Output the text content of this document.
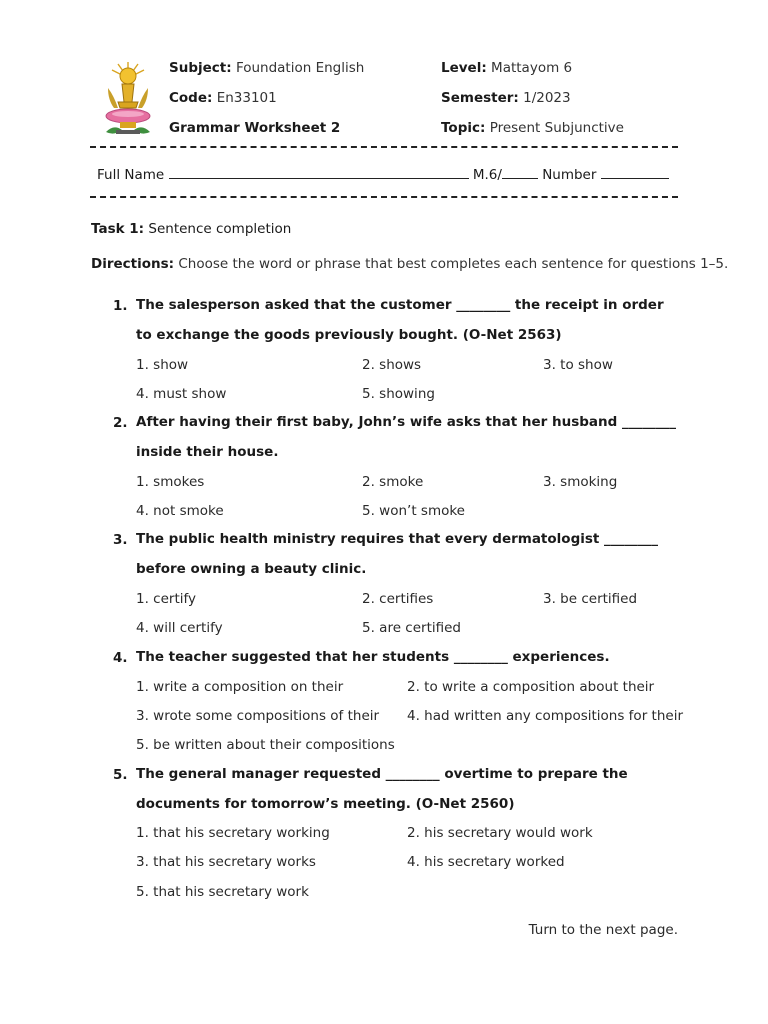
Subject: Foundation English	Level: Mattayom 6
Code: En33101	Semester: 1/2023
Grammar Worksheet 2	Topic: Present Subjunctive
Full Name	M.6/	Number
Task 1: Sentence completion
Directions: Choose the word or phrase that best completes each sentence for questions 1–5.
1. The salesperson asked that the customer ________ the receipt in order to exchange the goods previously bought. (O-Net 2563)
1. show	2. shows	3. to show
4. must show	5. showing
2. After having their first baby, John’s wife asks that her husband ________ inside their house.
1. smokes	2. smoke	3. smoking
4. not smoke	5. won’t smoke
3. The public health ministry requires that every dermatologist ________ before owning a beauty clinic.
1. certify	2. certifies	3. be certified
4. will certify	5. are certified
4. The teacher suggested that her students ________ experiences.
1. write a composition on their	2. to write a composition about their
3. wrote some compositions of their 4. had written any compositions for their
5. be written about their compositions
5. The general manager requested ________ overtime to prepare the documents for tomorrow’s meeting. (O-Net 2560)
1. that his secretary working	2. his secretary would work
3. that his secretary works	4. his secretary worked
5. that his secretary work
Turn to the next page.
